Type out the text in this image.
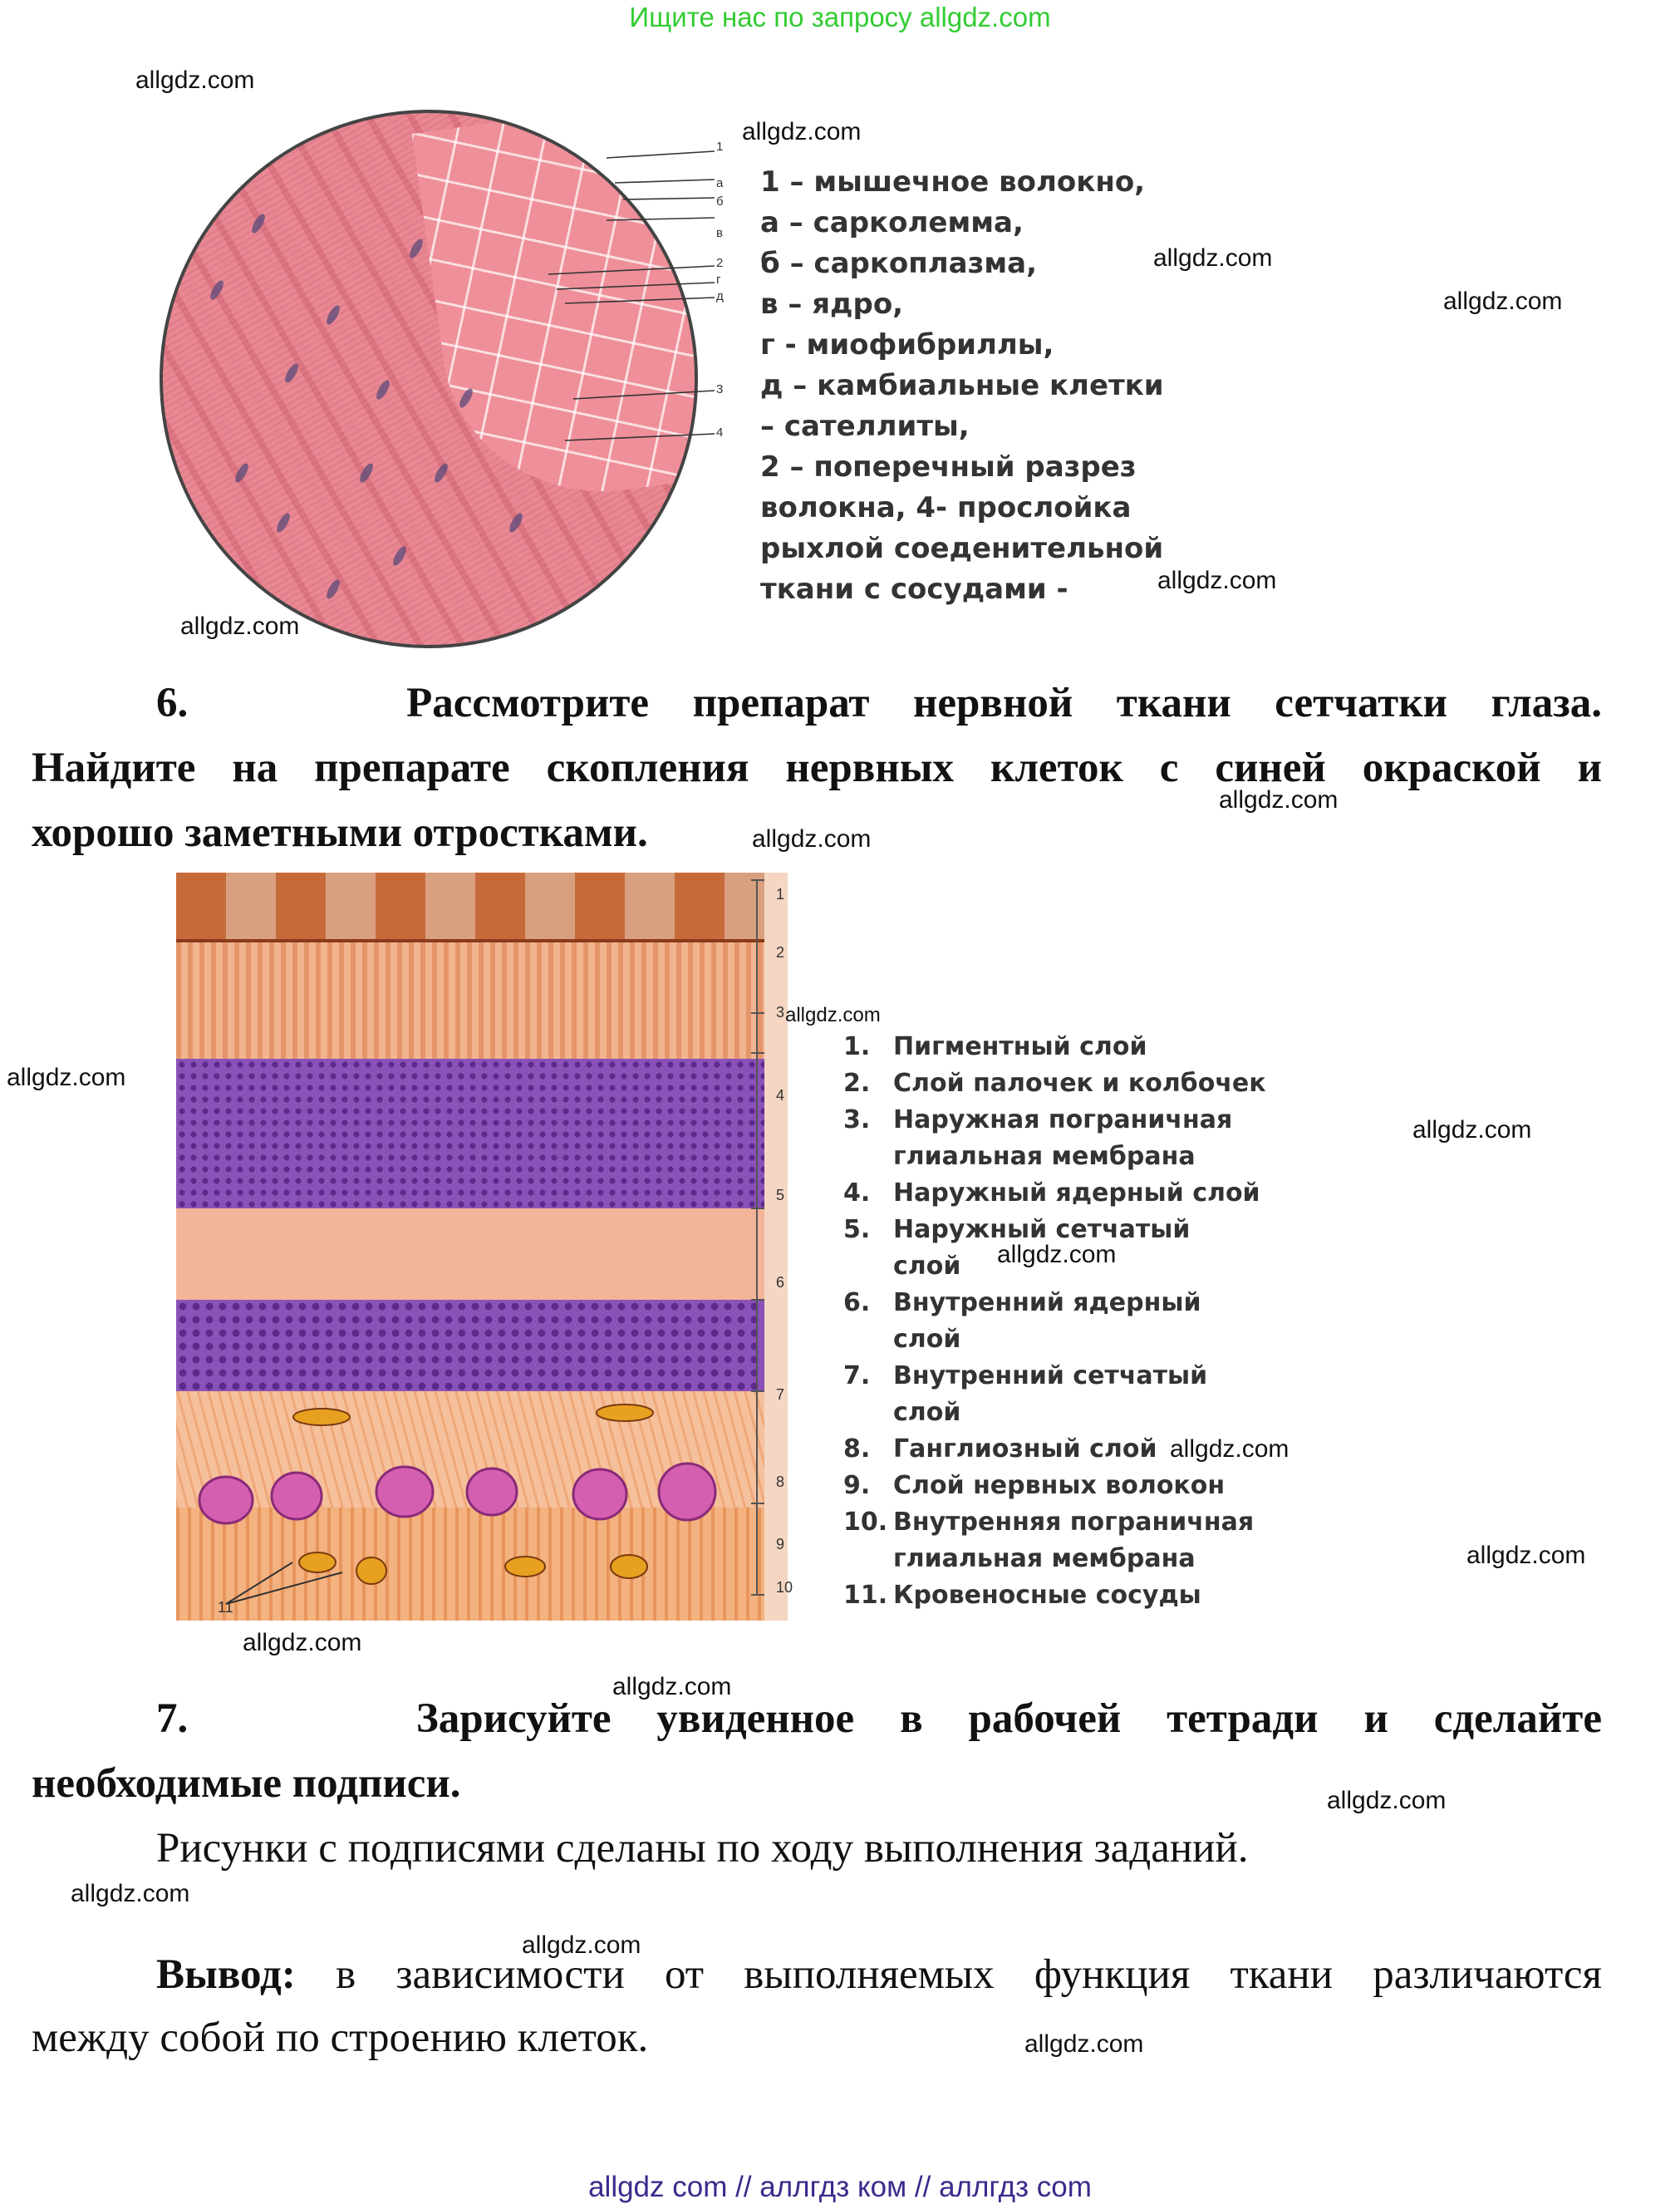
Ищите нас по запросу allgdz.com
1
а
б
в
2
г
д
3
4
1 – мышечное волокно,
а – сарколемма,
б – саркоплазма,
в – ядро,
г - миофибриллы,
д – камбиальные клетки
– сателлиты,
2 – поперечный разрез
волокна, 4- прослойка
рыхлой соеденительной
ткани с сосудами -
6.	Рассмотрите препарат нервной ткани сетчатки глаза.
Найдите на препарате скопления нервных клеток с синей окраской и
хорошо заметными отростками.
11
1
2
3
4
5
6
7
8
9
10
1. Пигментный слой
2. Слой палочек и колбочек
3. Наружная пограничная
глиальная мембрана
4. Наружный ядерный слой
5. Наружный сетчатый
слой
6. Внутренний ядерный
слой
7. Внутренний сетчатый
слой
8. Ганглиозный слой
9. Слой нервных волокон
10. Внутренняя пограничная
глиальная мембрана
11. Кровеносные сосуды
7.	Зарисуйте увиденное в рабочей тетради и сделайте
необходимые подписи.
Рисунки с подписями сделаны по ходу выполнения заданий.
Вывод: в зависимости от выполняемых функция ткани различаются
между собой по строению клеток.
allgdz.com
allgdz.com
allgdz.com
allgdz.com
allgdz.com
allgdz.com
allgdz.com
allgdz.com
allgdz.com
allgdz.com
allgdz.com
allgdz.com
allgdz.com
allgdz.com
allgdz.com
allgdz.com
allgdz.com
allgdz.com
allgdz.com
allgdz.com
allgdz com // аллгдз ком // аллгдз com
